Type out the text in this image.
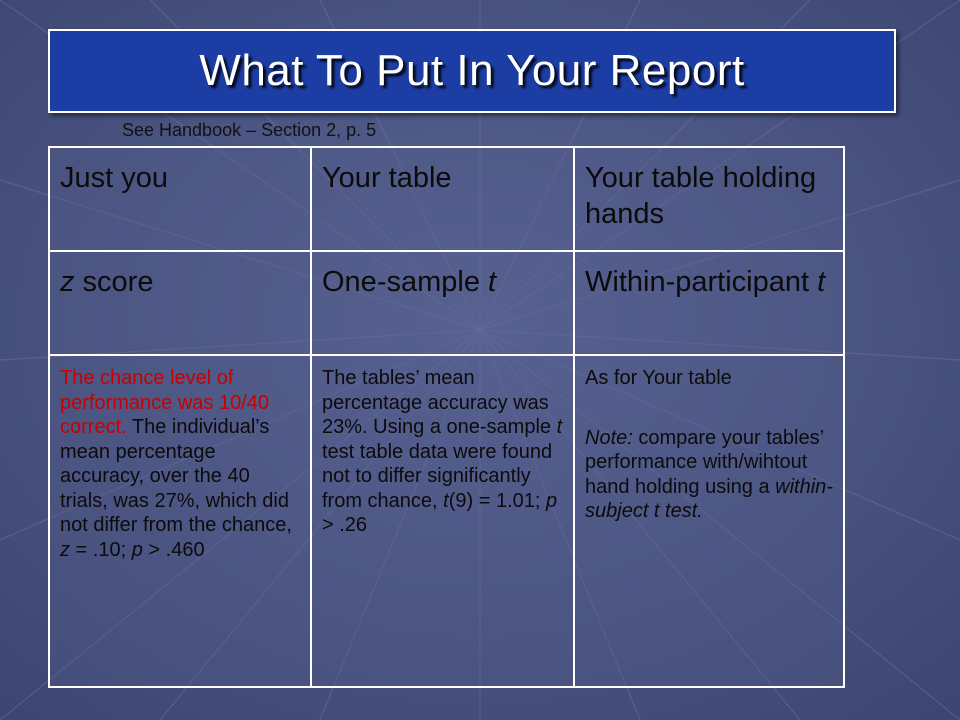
What To Put In Your Report
See Handbook – Section 2, p. 5
Just you	Your table	Your table holding hands
z score	One-sample t	Within-participant t
The chance level of performance was 10/40 correct. The individual’s mean percentage accuracy, over the 40 trials, was 27%, which did not differ from the chance, z = .10; p > .460	The tables’ mean percentage accuracy was 23%. Using a one-sample t test table data were found not to differ significantly from chance, t(9) = 1.01; p > .26	As for Your table
Note: compare your tables’ performance with/wihtout hand holding using a within-subject t test.
